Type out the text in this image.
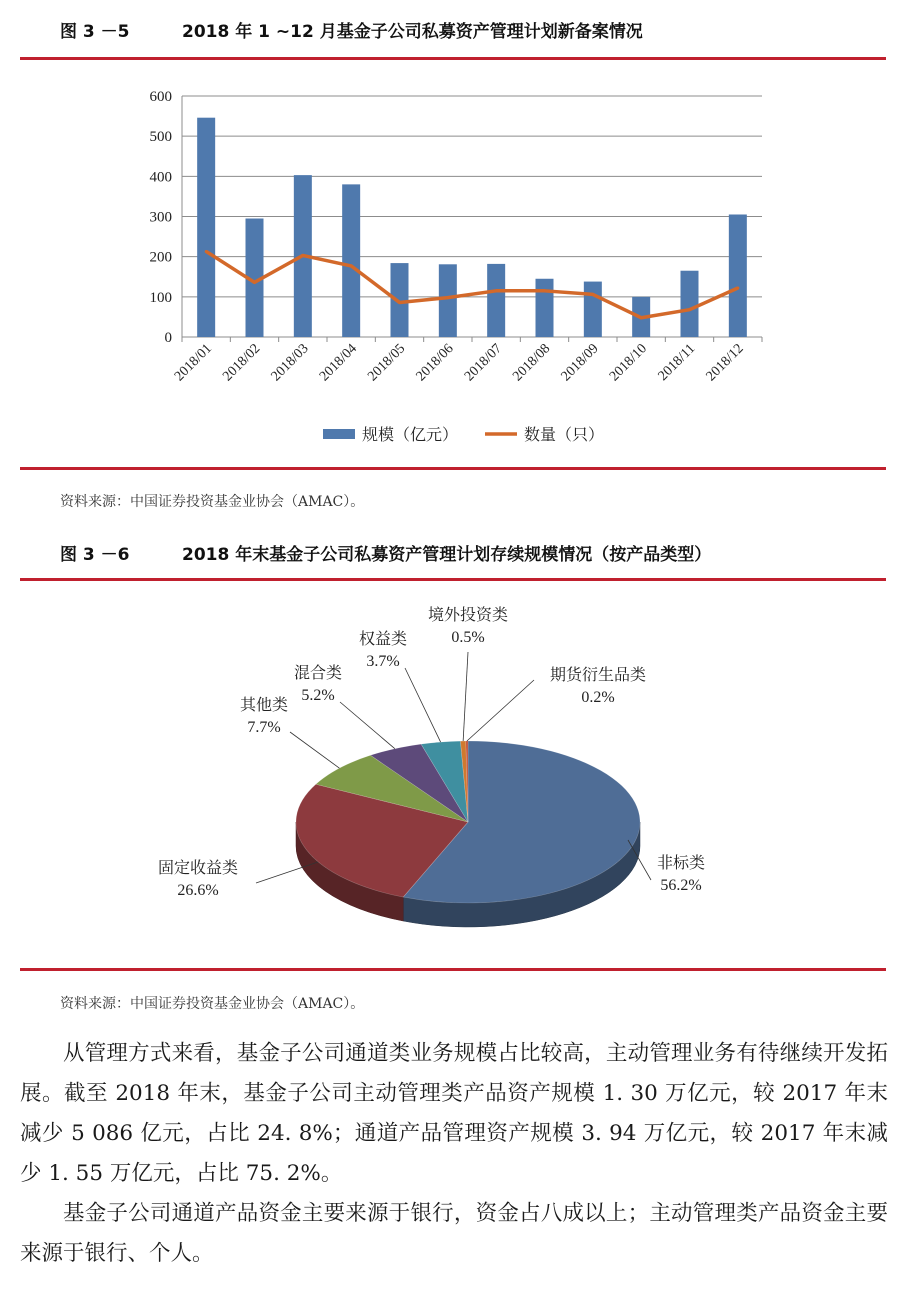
图 3 －5	2018 年 1 ~12 月基金子公司私募资产管理计划新备案情况
0
100
200
300
400
500
600
2018/01 2018/02 2018/03 2018/04 2018/05 2018/06 2018/07 2018/08 2018/09 2018/10 2018/11 2018/12
规模（亿元）	数量（只）
资料来源：中国证券投资基金业协会（AMAC）。
图 3 －6	2018 年末基金子公司私募资产管理计划存续规模情况（按产品类型）
非标类
56.2%
固定收益类
26.6%
其他类
7.7%
混合类
5.2%
权益类
3.7%
境外投资类
0.5%
期货衍生品类
0.2%
资料来源：中国证券投资基金业协会（AMAC）。

从管理方式来看，基金子公司通道类业务规模占比较高，主动管理业务有待继续开发拓展。截至 2018 年末，基金子公司主动管理类产品资产规模 1. 30 万亿元，较 2017 年末减少 5 086 亿元，占比 24. 8%；通道产品管理资产规模 3. 94 万亿元，较 2017 年末减少 1. 55 万亿元，占比 75. 2%。

基金子公司通道产品资金主要来源于银行，资金占八成以上；主动管理类产品资金主要来源于银行、个人。
